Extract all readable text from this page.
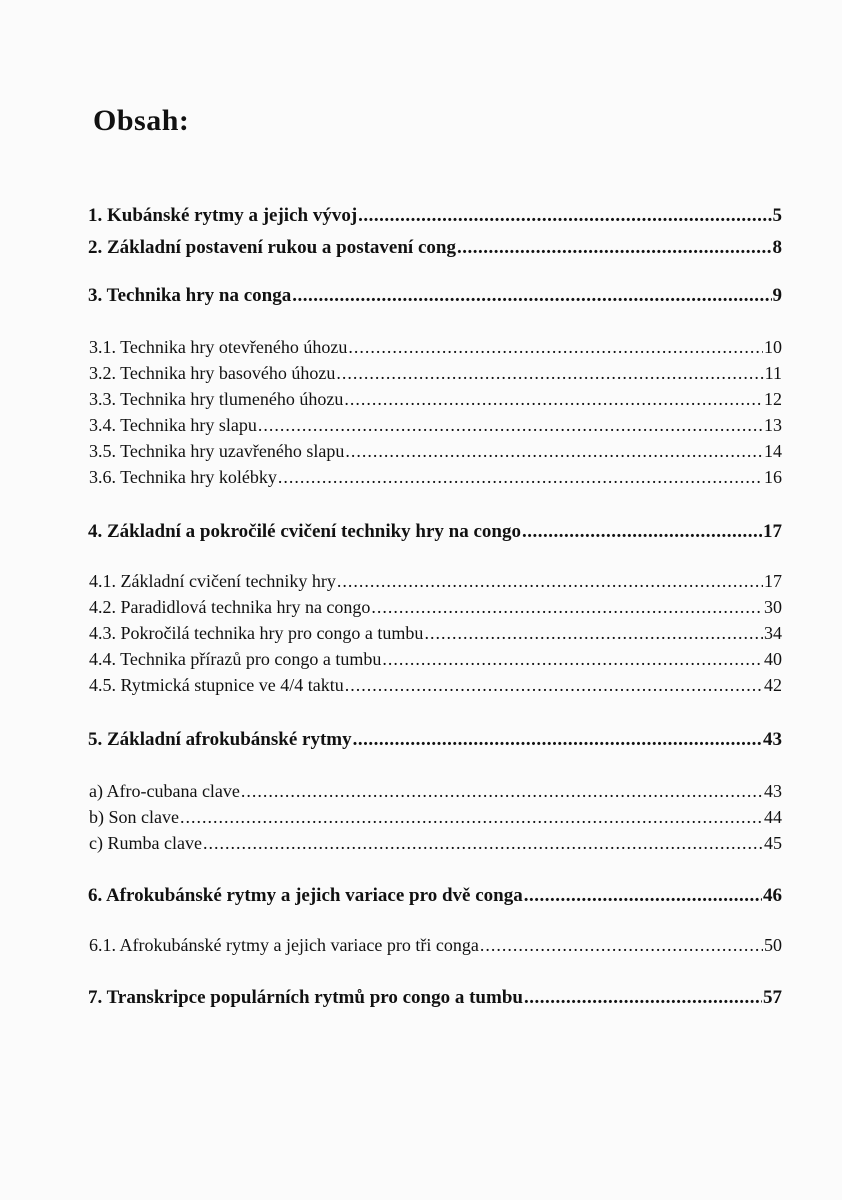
Obsah:
1. Kubánské rytmy a jejich vývoj .....	5
2. Základní postavení rukou a postavení cong .....	8
3. Technika hry na conga .....	9
3.1. Technika hry otevřeného úhozu .....	10
3.2. Technika hry basového úhozu .....	11
3.3. Technika hry tlumeného úhozu .....	12
3.4. Technika hry slapu .....	13
3.5. Technika hry uzavřeného slapu .....	14
3.6. Technika hry kolébky .....	16
4. Základní a pokročilé cvičení techniky hry na congo .....	17
4.1. Základní cvičení techniky hry .....	17
4.2. Paradidlová technika hry na congo .....	30
4.3. Pokročilá technika hry pro congo a tumbu .....	34
4.4. Technika přírazů pro congo a tumbu .....	40
4.5. Rytmická stupnice ve 4/4 taktu .....	42
5. Základní afrokubánské rytmy .....	43
a) Afro-cubana clave .....	43
b) Son clave .....	44
c) Rumba clave .....	45
6. Afrokubánské rytmy a jejich variace pro dvě conga .....	46
6.1. Afrokubánské rytmy a jejich variace pro tři conga .....	50
7. Transkripce populárních rytmů pro congo a tumbu .....	57
